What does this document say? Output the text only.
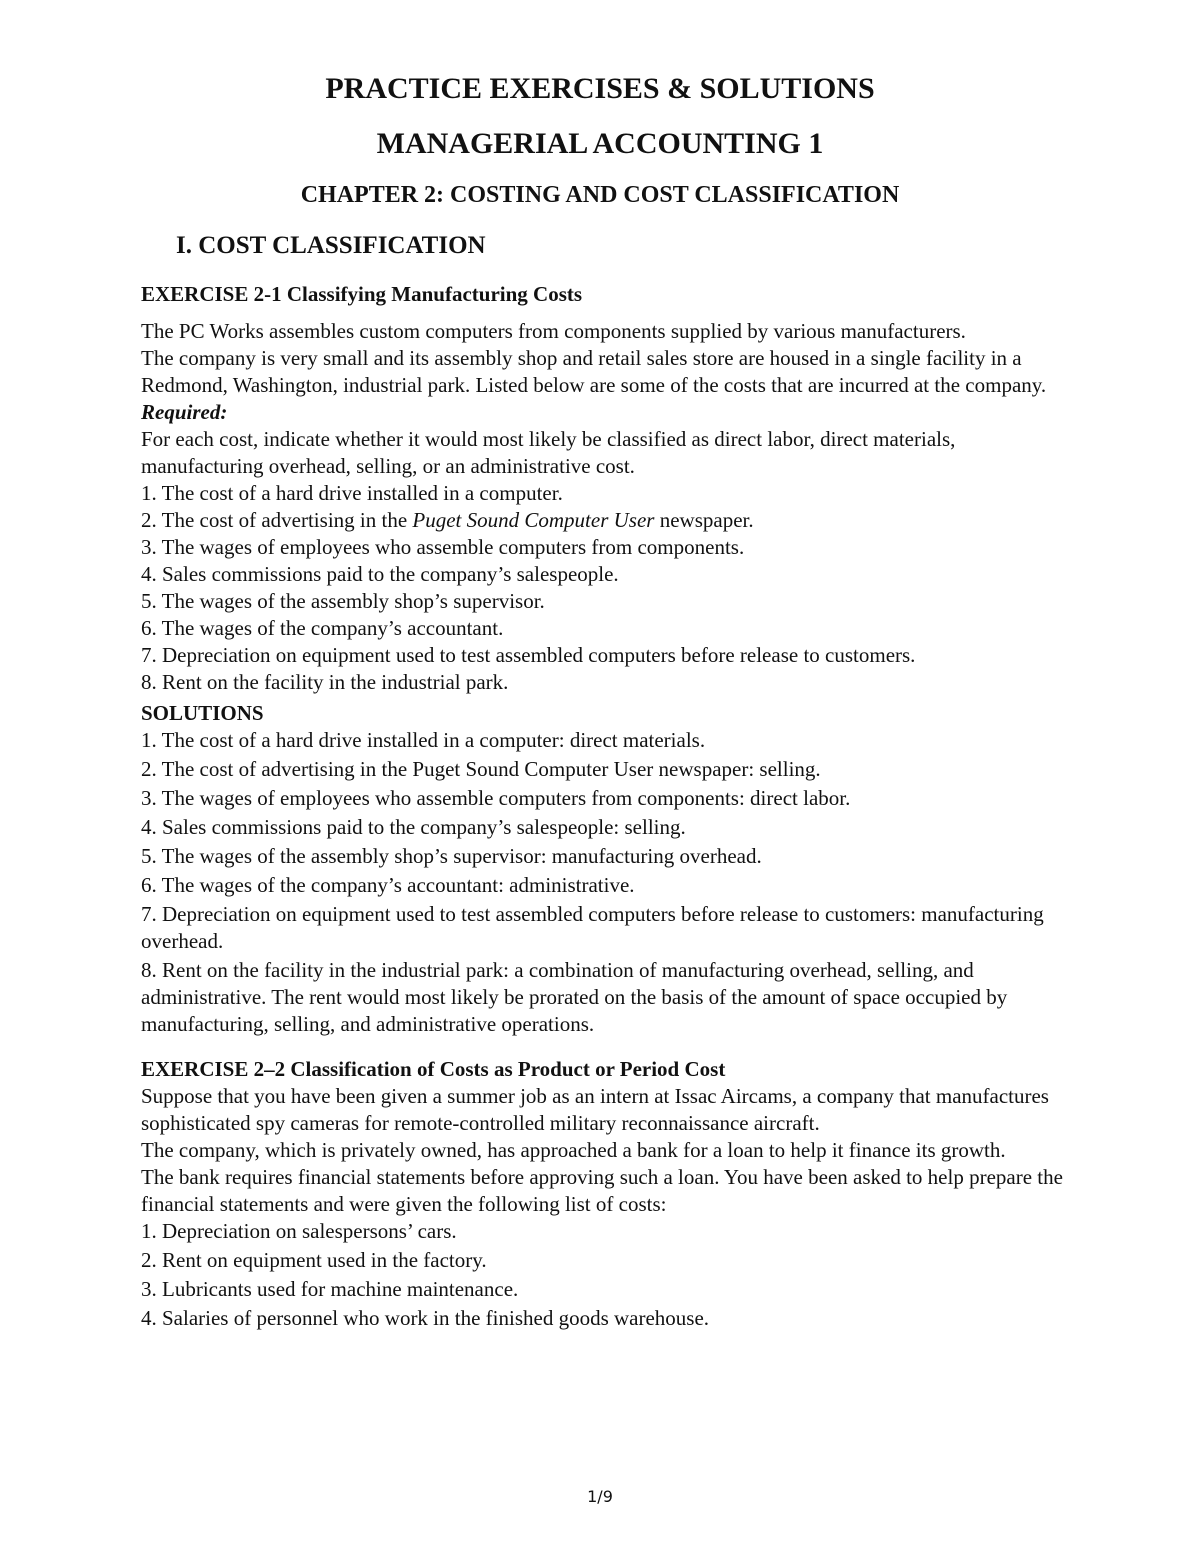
PRACTICE EXERCISES & SOLUTIONS
MANAGERIAL ACCOUNTING 1
CHAPTER 2: COSTING AND COST CLASSIFICATION
I. COST CLASSIFICATION

EXERCISE 2-1 Classifying Manufacturing Costs

The PC Works assembles custom computers from components supplied by various manufacturers.

The company is very small and its assembly shop and retail sales store are housed in a single facility in a Redmond, Washington, industrial park. Listed below are some of the costs that are incurred at the company.

Required:

For each cost, indicate whether it would most likely be classified as direct labor, direct materials, manufacturing overhead, selling, or an administrative cost.

1. The cost of a hard drive installed in a computer.
2. The cost of advertising in the Puget Sound Computer User newspaper.
3. The wages of employees who assemble computers from components.
4. Sales commissions paid to the company’s salespeople.
5. The wages of the assembly shop’s supervisor.
6. The wages of the company’s accountant.
7. Depreciation on equipment used to test assembled computers before release to customers.
8. Rent on the facility in the industrial park.

SOLUTIONS

1. The cost of a hard drive installed in a computer: direct materials.
2. The cost of advertising in the Puget Sound Computer User newspaper: selling.
3. The wages of employees who assemble computers from components: direct labor.
4. Sales commissions paid to the company’s salespeople: selling.
5. The wages of the assembly shop’s supervisor: manufacturing overhead.
6. The wages of the company’s accountant: administrative.
7. Depreciation on equipment used to test assembled computers before release to customers: manufacturing overhead.
8. Rent on the facility in the industrial park: a combination of manufacturing overhead, selling, and administrative. The rent would most likely be prorated on the basis of the amount of space occupied by manufacturing, selling, and administrative operations.

EXERCISE 2–2 Classification of Costs as Product or Period Cost

Suppose that you have been given a summer job as an intern at Issac Aircams, a company that manufactures sophisticated spy cameras for remote-controlled military reconnaissance aircraft.

The company, which is privately owned, has approached a bank for a loan to help it finance its growth.

The bank requires financial statements before approving such a loan. You have been asked to help prepare the financial statements and were given the following list of costs:

1. Depreciation on salespersons’ cars.
2. Rent on equipment used in the factory.
3. Lubricants used for machine maintenance.
4. Salaries of personnel who work in the finished goods warehouse.
1/9
